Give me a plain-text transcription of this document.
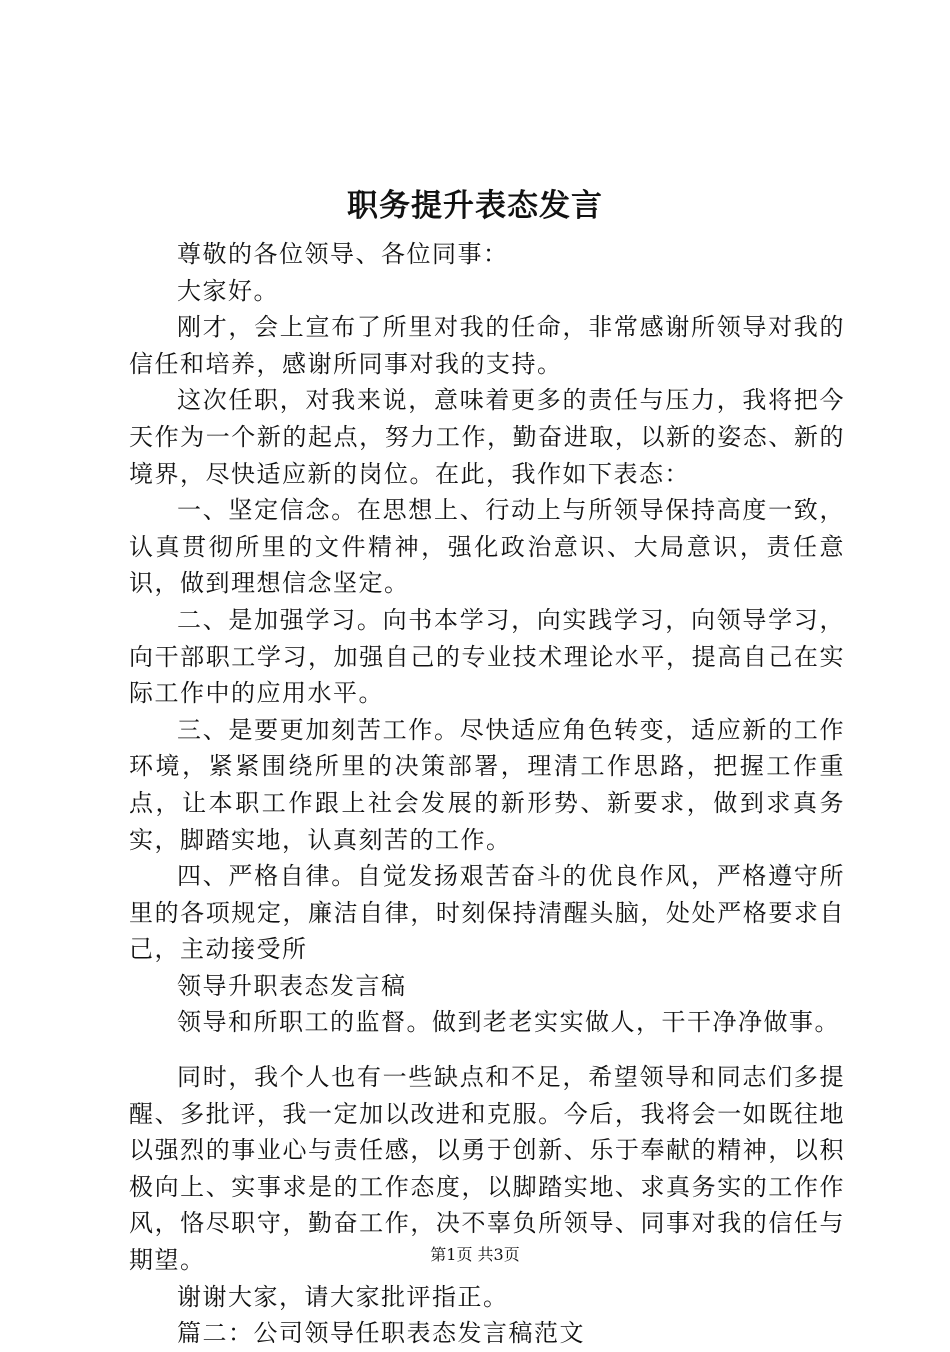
职务提升表态发言

尊敬的各位领导、各位同事：

大家好。

刚才，会上宣布了所里对我的任命，非常感谢所领导对我的信任和培养，感谢所同事对我的支持。

这次任职，对我来说，意味着更多的责任与压力，我将把今天作为一个新的起点，努力工作，勤奋进取，以新的姿态、新的境界，尽快适应新的岗位。在此，我作如下表态：

一、坚定信念。在思想上、行动上与所领导保持高度一致，认真贯彻所里的文件精神，强化政治意识、大局意识，责任意识，做到理想信念坚定。

二、是加强学习。向书本学习，向实践学习，向领导学习，向干部职工学习，加强自己的专业技术理论水平，提高自己在实际工作中的应用水平。

三、是要更加刻苦工作。尽快适应角色转变，适应新的工作环境，紧紧围绕所里的决策部署，理清工作思路，把握工作重点，让本职工作跟上社会发展的新形势、新要求，做到求真务实，脚踏实地，认真刻苦的工作。

四、严格自律。自觉发扬艰苦奋斗的优良作风，严格遵守所里的各项规定，廉洁自律，时刻保持清醒头脑，处处严格要求自己，主动接受所

领导升职表态发言稿

领导和所职工的监督。做到老老实实做人，干干净净做事。

同时，我个人也有一些缺点和不足，希望领导和同志们多提醒、多批评，我一定加以改进和克服。今后，我将会一如既往地以强烈的事业心与责任感，以勇于创新、乐于奉献的精神，以积极向上、实事求是的工作态度，以脚踏实地、求真务实的工作作风，恪尽职守，勤奋工作，决不辜负所领导、同事对我的信任与期望。

谢谢大家，请大家批评指正。

篇二：公司领导任职表态发言稿范文

第1页 共3页
